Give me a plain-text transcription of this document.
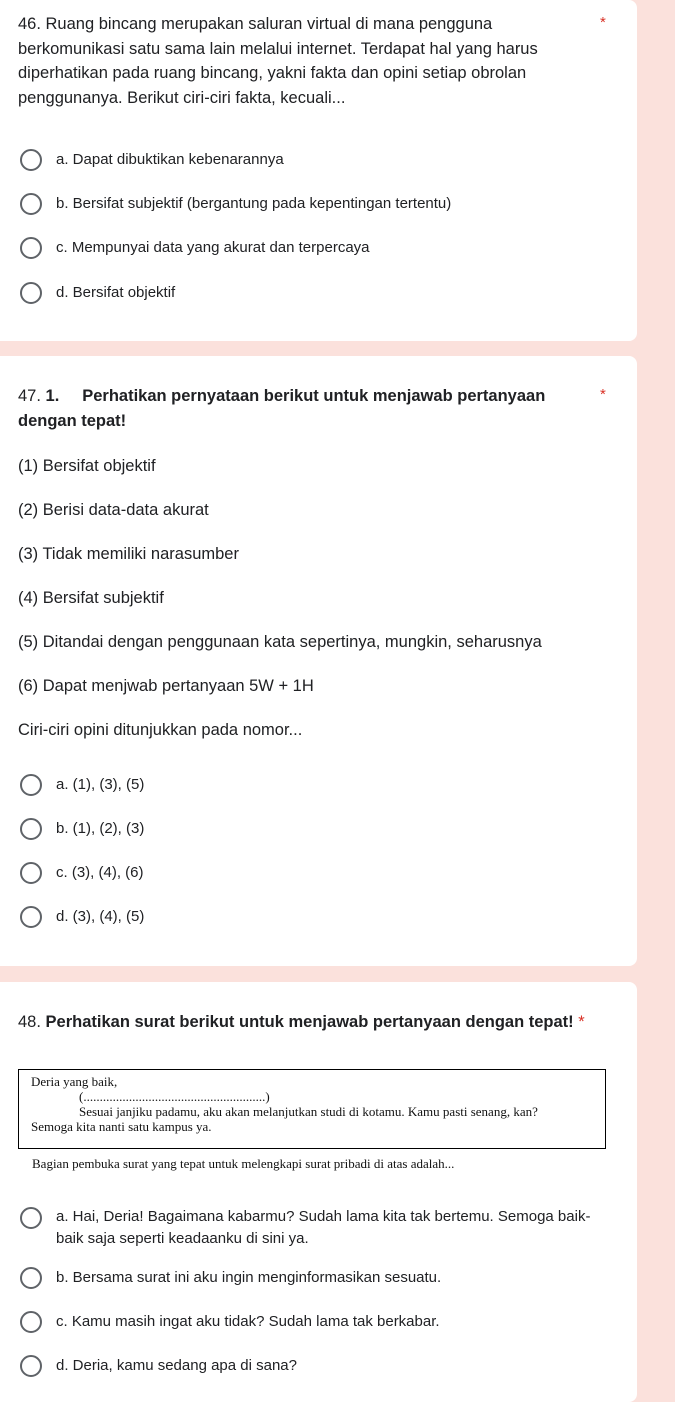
46. Ruang bincang merupakan saluran virtual di mana pengguna berkomunikasi satu sama lain melalui internet. Terdapat hal yang harus diperhatikan pada ruang bincang, yakni fakta dan opini setiap obrolan penggunanya. Berikut ciri-ciri fakta, kecuali...
*
a. Dapat dibuktikan kebenarannya
b. Bersifat subjektif (bergantung pada kepentingan tertentu)
c. Mempunyai data yang akurat dan terpercaya
d. Bersifat objektif
47. 1.     Perhatikan pernyataan berikut untuk menjawab pertanyaan dengan tepat!
*
(1) Bersifat objektif
(2) Berisi data-data akurat
(3) Tidak memiliki narasumber
(4) Bersifat subjektif
(5) Ditandai dengan penggunaan kata sepertinya, mungkin, seharusnya
(6) Dapat menjwab pertanyaan 5W + 1H
Ciri-ciri opini ditunjukkan pada nomor...
a. (1), (3), (5)
b. (1), (2), (3)
c. (3), (4), (6)
d. (3), (4), (5)
48. Perhatikan surat berikut untuk menjawab pertanyaan dengan tepat! *
Deria yang baik,
(........................................................)
Sesuai janjiku padamu, aku akan melanjutkan studi di kotamu. Kamu pasti senang, kan?
Semoga kita nanti satu kampus ya.
Bagian pembuka surat yang tepat untuk melengkapi surat pribadi di atas adalah...
a. Hai, Deria! Bagaimana kabarmu? Sudah lama kita tak bertemu. Semoga baik-baik saja seperti keadaanku di sini ya.
b. Bersama surat ini aku ingin menginformasikan sesuatu.
c. Kamu masih ingat aku tidak? Sudah lama tak berkabar.
d. Deria, kamu sedang apa di sana?
